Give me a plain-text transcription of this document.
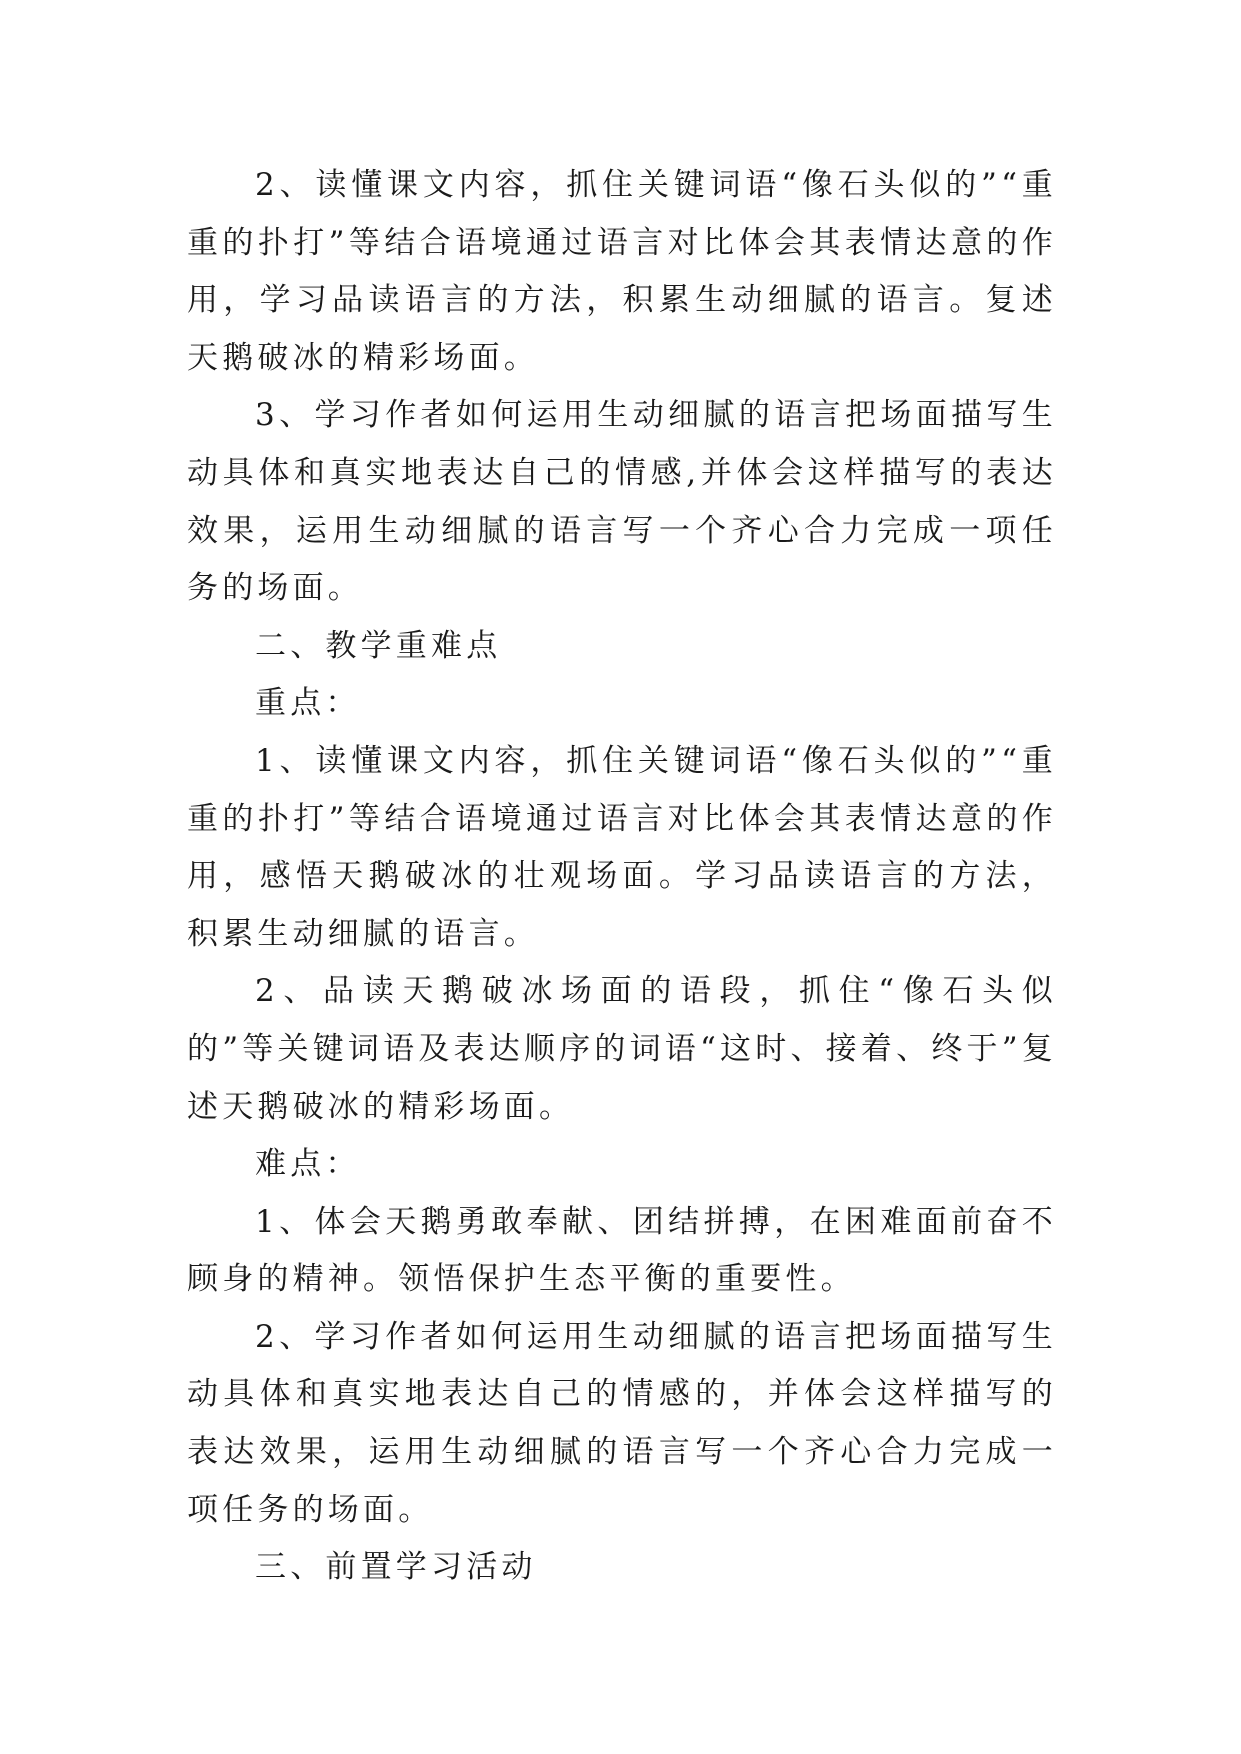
2、读懂课文内容，抓住关键词语“像石头似的”“重重的扑打”等结合语境通过语言对比体会其表情达意的作用，学习品读语言的方法，积累生动细腻的语言。复述天鹅破冰的精彩场面。

3、学习作者如何运用生动细腻的语言把场面描写生动具体和真实地表达自己的情感,并体会这样描写的表达效果，运用生动细腻的语言写一个齐心合力完成一项任务的场面。

二、教学重难点

重点：

1、读懂课文内容，抓住关键词语“像石头似的”“重重的扑打”等结合语境通过语言对比体会其表情达意的作用，感悟天鹅破冰的壮观场面。学习品读语言的方法，积累生动细腻的语言。

2、品读天鹅破冰场面的语段，抓住“像石头似的”等关键词语及表达顺序的词语“这时、接着、终于”复述天鹅破冰的精彩场面。

难点：

1、体会天鹅勇敢奉献、团结拼搏，在困难面前奋不顾身的精神。领悟保护生态平衡的重要性。

2、学习作者如何运用生动细腻的语言把场面描写生动具体和真实地表达自己的情感的，并体会这样描写的表达效果，运用生动细腻的语言写一个齐心合力完成一项任务的场面。

三、前置学习活动
